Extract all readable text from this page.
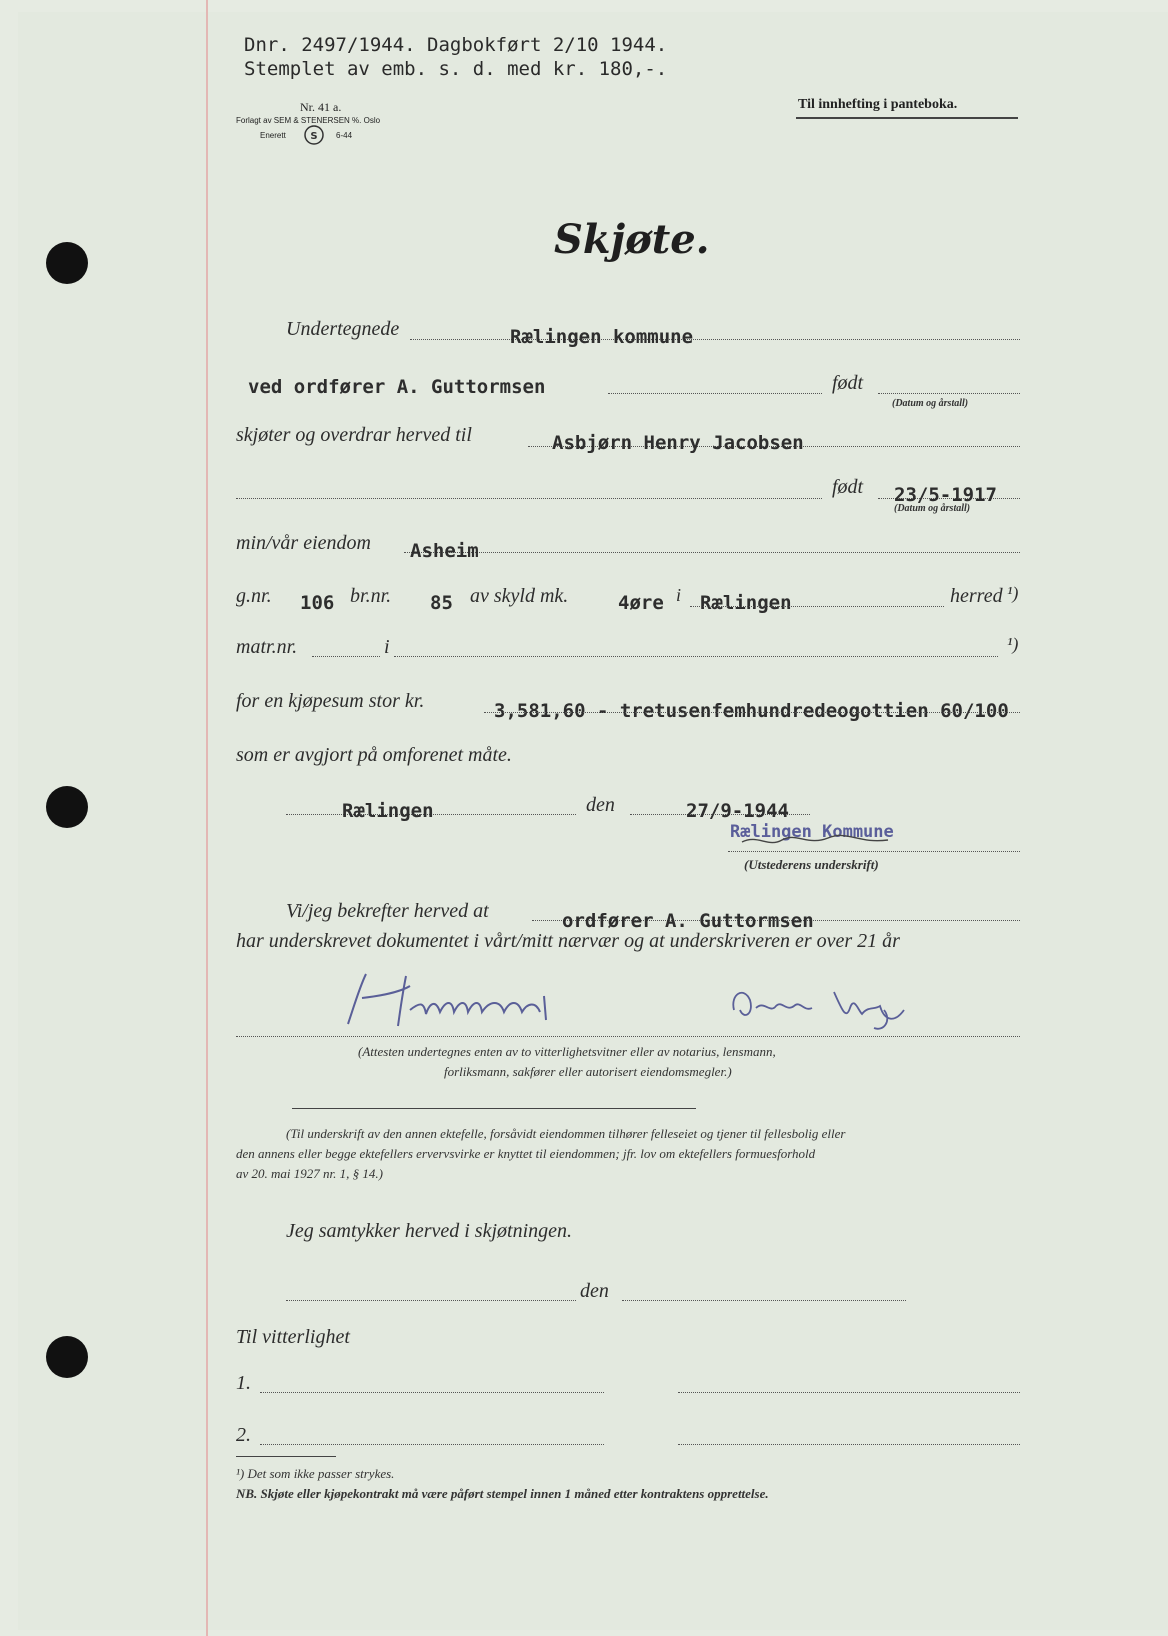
Dnr. 2497/1944. Dagbokført 2/10 1944.
Stemplet av emb. s. d. med kr. 180,-.
Nr. 41 a.
Forlagt av SEM & STENERSEN %. Oslo
Enerett S 6-44
Til innhefting i panteboka.
Skjøte.
Undertegnede	Rælingen kommune
ved ordfører A. Guttormsen	født
(Datum og årstall)
skjøter og overdrar herved til	Asbjørn Henry Jacobsen
født 23/5-1917
(Datum og årstall)
min/vår eiendom Asheim
g.nr. 106 br.nr. 85 av skyld mk.	4øre i Rælingen	herred ¹)
matr.nr.	i	¹)
for en kjøpesum stor kr.	3,581,60 - tretusenfemhundredeogottien 60/100
som er avgjort på omforenet måte.
Rælingen	den	27/9-1944
Rælingen Kommune
(Utstederens underskrift)
Vi/jeg bekrefter herved at	ordfører A. Guttormsen
har underskrevet dokumentet i vårt/mitt nærvær og at underskriveren er over 21 år
(Attesten undertegnes enten av to vitterlighetsvitner eller av notarius, lensmann,
forliksmann, sakfører eller autorisert eiendomsmegler.)
(Til underskrift av den annen ektefelle, forsåvidt eiendommen tilhører felleseiet og tjener til fellesbolig eller
den annens eller begge ektefellers ervervsvirke er knyttet til eiendommen; jfr. lov om ektefellers formuesforhold
av 20. mai 1927 nr. 1, § 14.)
Jeg samtykker herved i skjøtningen.
den
Til vitterlighet
1.
2.
¹) Det som ikke passer strykes.
NB. Skjøte eller kjøpekontrakt må være påført stempel innen 1 måned etter kontraktens opprettelse.
